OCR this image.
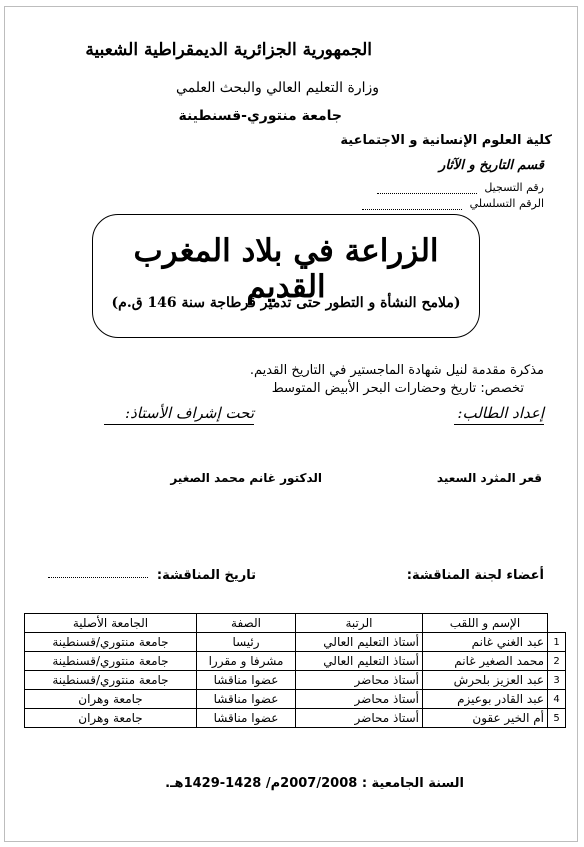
الجمهورية الجزائرية الديمقراطية الشعبية
وزارة التعليم العالي والبحث العلمي
جامعة منتوري-قسنطينة
كلية العلوم الإنسانية و الاجتماعية
قسم التاريخ و الآثار
رقم التسجيل
الرقم التسلسلي
الزراعة في بلاد المغرب القديم
(ملامح النشأة و التطور حتى تدمير قرطاجة سنة 146 ق.م)
مذكرة مقدمة لنيل شهادة الماجستير في التاريخ القديم.
تخصص: تاريخ وحضارات البحر الأبيض المتوسط
إعداد الطالب:
تحت إشراف الأستاذ:
قعر المثرد السعيد
الدكتور غانم محمد الصغير
أعضاء لجنة المناقشة:
تاريخ المناقشة:
	الإسم و اللقب	الرتبة	الصفة	الجامعة الأصلية
1	عبد الغني غانم	أستاذ التعليم العالي	رئيسا	جامعة منتوري/قسنطينة
2	محمد الصغير غانم	أستاذ التعليم العالي	مشرفا و مقررا	جامعة منتوري/قسنطينة
3	عبد العزيز بلحرش	أستاذ محاضر	عضوا مناقشا	جامعة منتوري/قسنطينة
4	عبد القادر بوعيزم	أستاذ محاضر	عضوا مناقشا	جامعة وهران
5	أم الخير عقون	أستاذ محاضر	عضوا مناقشا	جامعة وهران
السنة الجامعية : 2007/2008م/ 1428-1429هـ.
